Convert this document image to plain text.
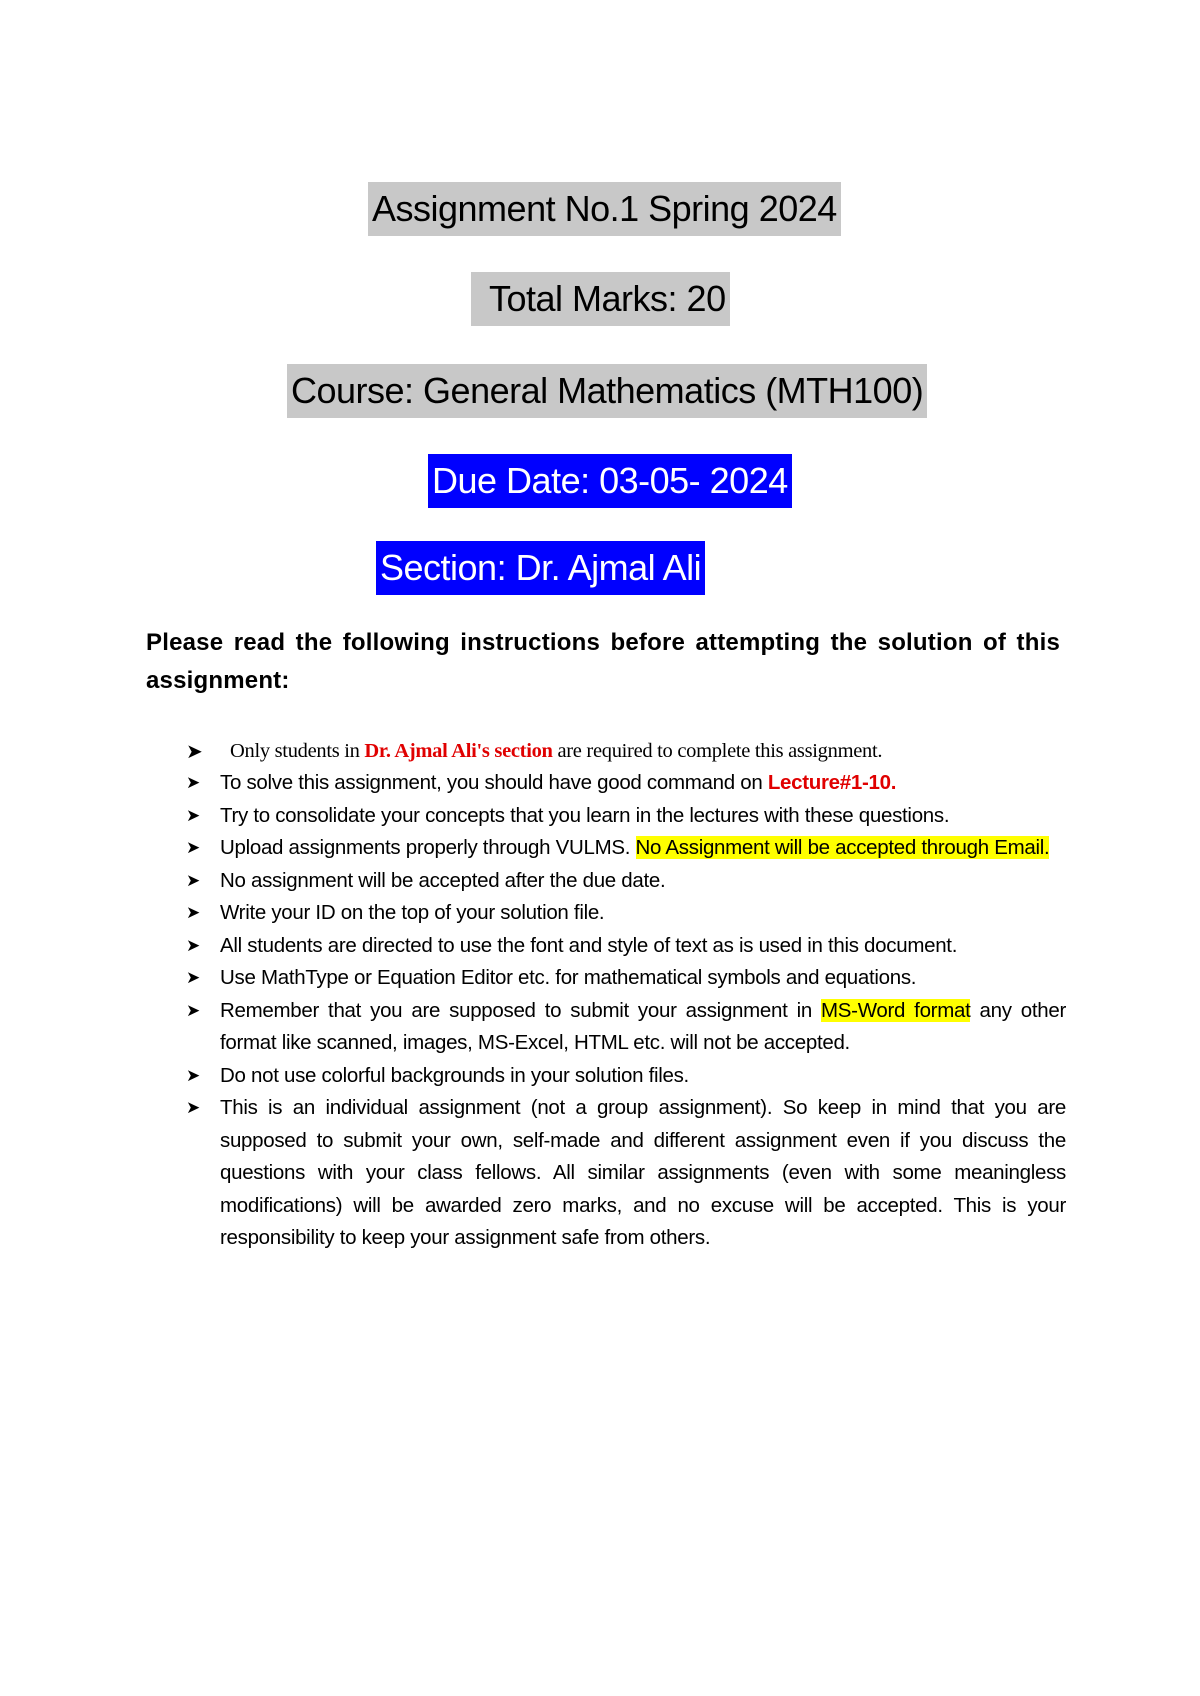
Assignment No.1 Spring 2024
Total Marks: 20
Course: General Mathematics (MTH100)
Due Date: 03-05- 2024
Section: Dr. Ajmal Ali
Please read the following instructions before attempting the solution of this assignment:
➤ Only students in Dr. Ajmal Ali's section are required to complete this assignment.
➤ To solve this assignment, you should have good command on Lecture#1-10.
➤ Try to consolidate your concepts that you learn in the lectures with these questions.
➤ Upload assignments properly through VULMS. No Assignment will be accepted through Email.
➤ No assignment will be accepted after the due date.
➤ Write your ID on the top of your solution file.
➤ All students are directed to use the font and style of text as is used in this document.
➤ Use MathType or Equation Editor etc. for mathematical symbols and equations.
➤ Remember that you are supposed to submit your assignment in MS-Word format any other format like scanned, images, MS-Excel, HTML etc. will not be accepted.
➤ Do not use colorful backgrounds in your solution files.
➤ This is an individual assignment (not a group assignment). So keep in mind that you are supposed to submit your own, self-made and different assignment even if you discuss the questions with your class fellows. All similar assignments (even with some meaningless modifications) will be awarded zero marks, and no excuse will be accepted. This is your responsibility to keep your assignment safe from others.
